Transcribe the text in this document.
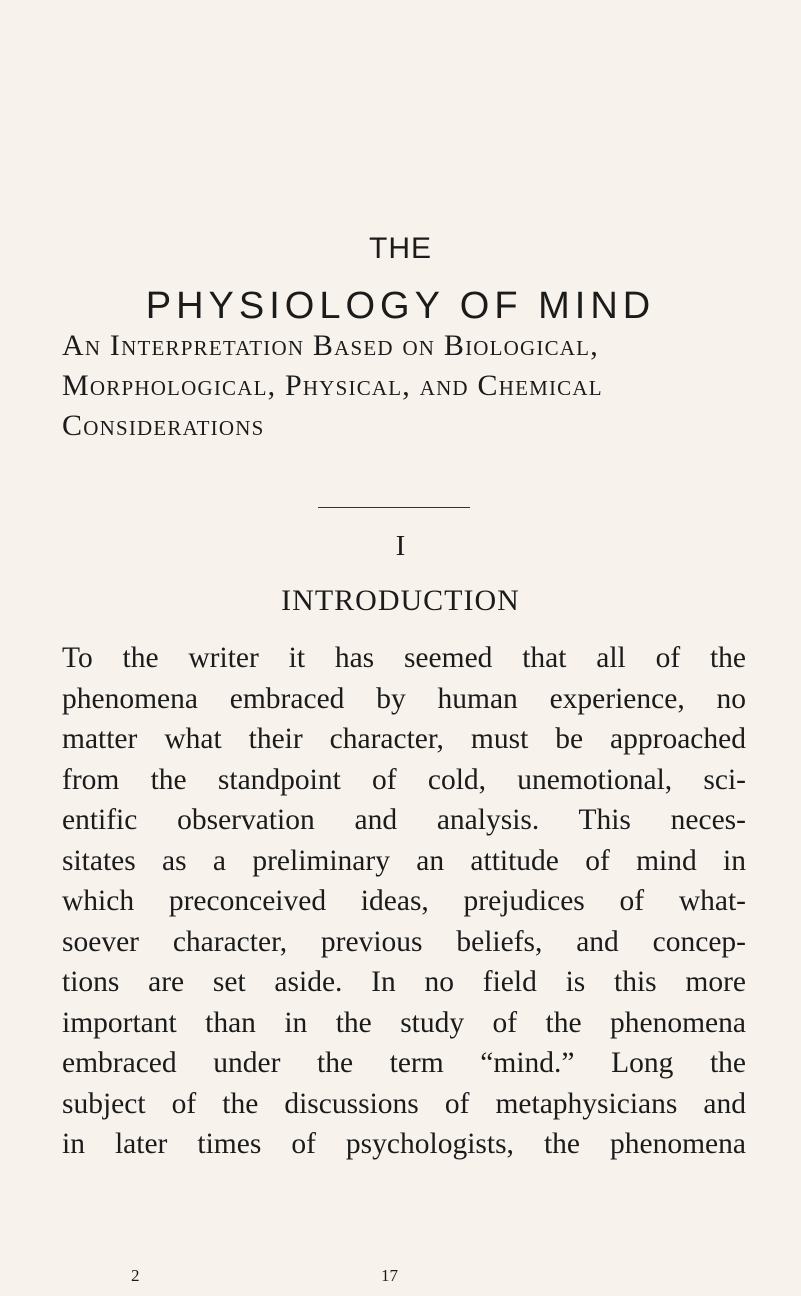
THE
PHYSIOLOGY OF MIND
An Interpretation Based on Biological,
Morphological, Physical, and Chemical
Considerations
I
INTRODUCTION
To the writer it has seemed that all of the
phenomena embraced by human experience, no
matter what their character, must be approached
from the standpoint of cold, unemotional, sci-
entific observation and analysis. This neces-
sitates as a preliminary an attitude of mind in
which preconceived ideas, prejudices of what-
soever character, previous beliefs, and concep-
tions are set aside. In no field is this more
important than in the study of the phenomena
embraced under the term “mind.” Long the
subject of the discussions of metaphysicians and
in later times of psychologists, the phenomena
2	17
